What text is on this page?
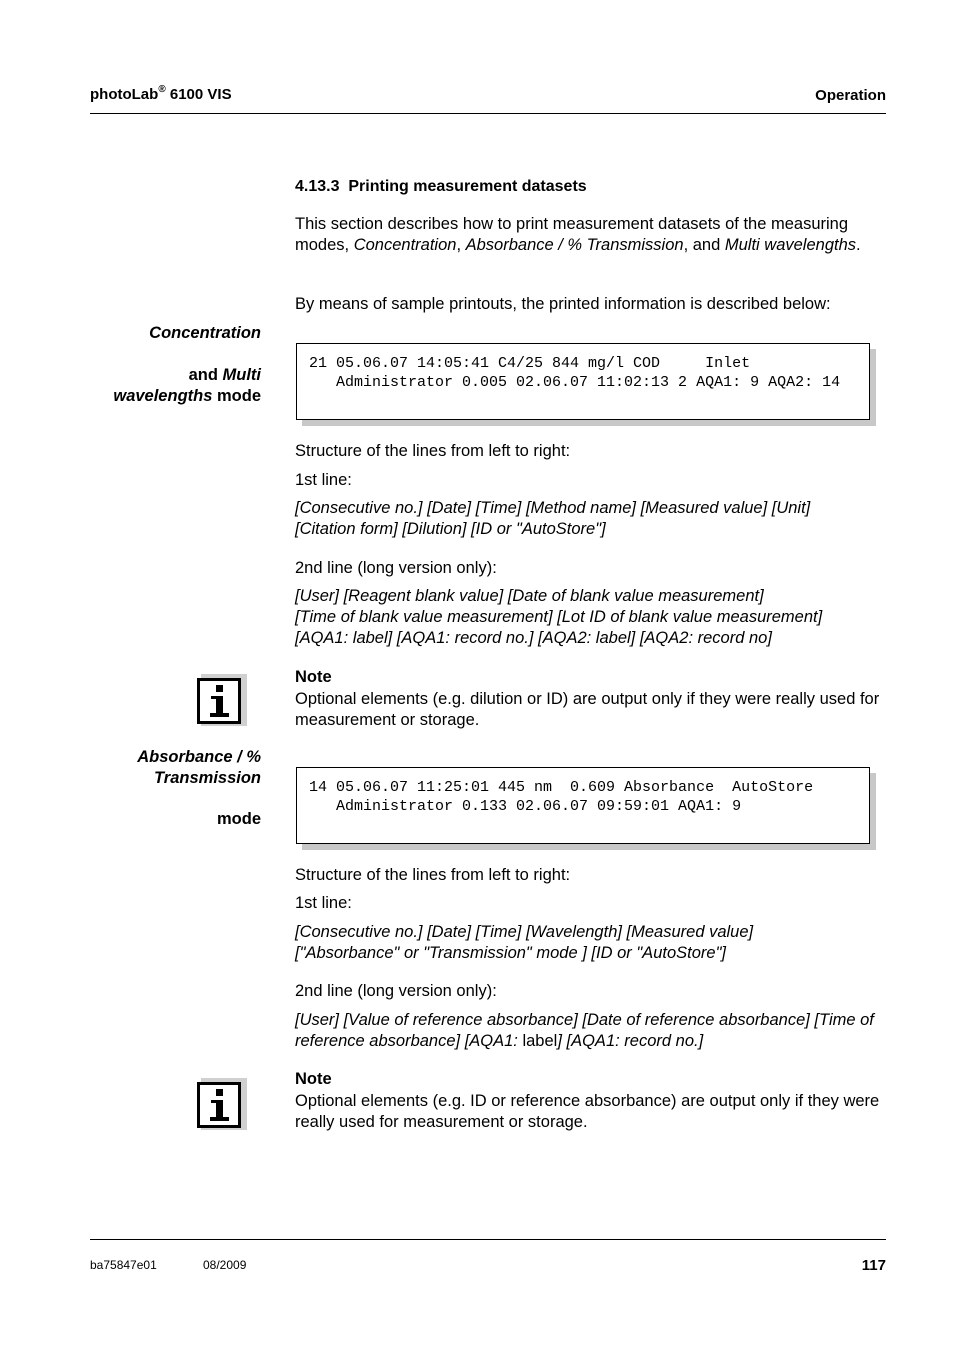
photoLab® 6100 VIS	Operation
4.13.3 Printing measurement datasets
This section describes how to print measurement datasets of the measuring modes, Concentration, Absorbance / % Transmission, and Multi wavelengths.
By means of sample printouts, the printed information is described below:
Concentration
and Multi
wavelengths mode
21 05.06.07 14:05:41 C4/25 844 mg/l COD     Inlet
Administrator 0.005 02.06.07 11:02:13 2 AQA1: 9 AQA2: 14
Structure of the lines from left to right:
1st line:
[Consecutive no.] [Date] [Time] [Method name] [Measured value] [Unit]
[Citation form] [Dilution] [ID or "AutoStore"]
2nd line (long version only):
[User] [Reagent blank value] [Date of blank value measurement]
[Time of blank value measurement] [Lot ID of blank value measurement]
[AQA1: label] [AQA1: record no.] [AQA2: label] [AQA2: record no]
Note
Optional elements (e.g. dilution or ID) are output only if they were really used for measurement or storage.
Absorbance / %
Transmission
mode
14 05.06.07 11:25:01 445 nm  0.609 Absorbance  AutoStore
Administrator 0.133 02.06.07 09:59:01 AQA1: 9
Structure of the lines from left to right:
1st line:
[Consecutive no.] [Date] [Time] [Wavelength] [Measured value]
["Absorbance" or "Transmission" mode ] [ID or "AutoStore"]
2nd line (long version only):
[User] [Value of reference absorbance] [Date of reference absorbance] [Time of reference absorbance] [AQA1: label] [AQA1: record no.]
Note
Optional elements (e.g. ID or reference absorbance) are output only if they were really used for measurement or storage.
ba75847e01	08/2009	117
